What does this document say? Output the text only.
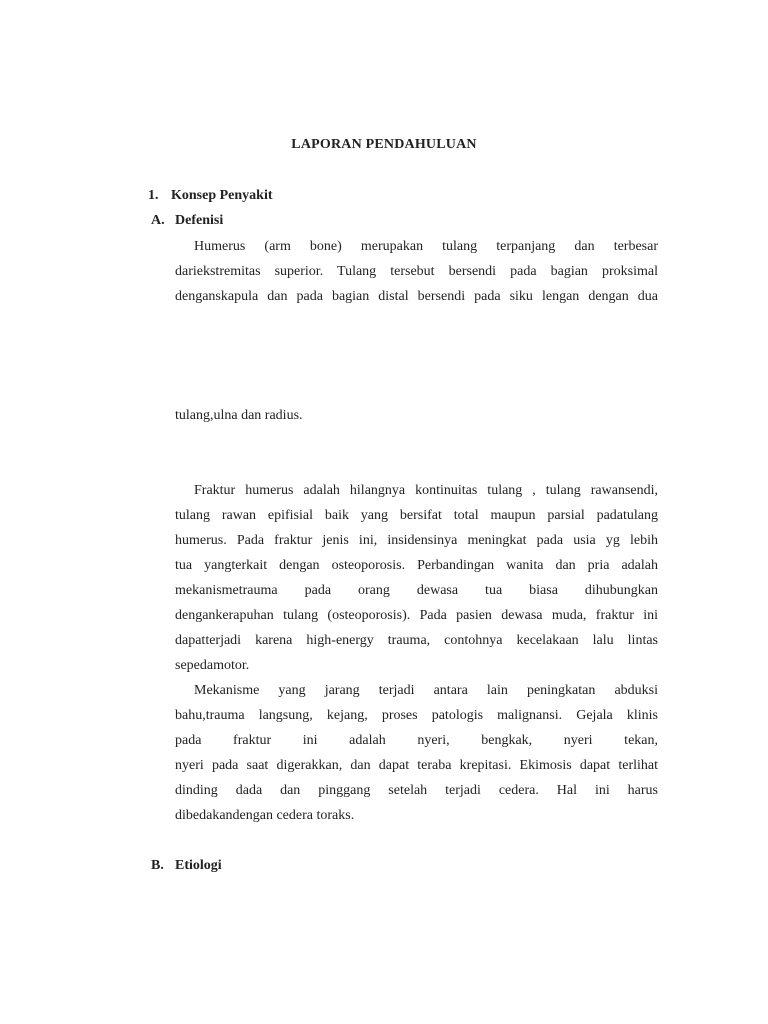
LAPORAN PENDAHULUAN
1. Konsep Penyakit
A. Defenisi
Humerus (arm bone) merupakan tulang terpanjang dan terbesar
dariekstremitas superior. Tulang tersebut bersendi pada bagian proksimal
denganskapula dan pada bagian distal bersendi pada siku lengan dengan dua
tulang,ulna dan radius.
Fraktur humerus adalah hilangnya kontinuitas tulang , tulang rawansendi,
tulang rawan epifisial baik yang bersifat total maupun parsial padatulang
humerus. Pada fraktur jenis ini, insidensinya meningkat pada usia yg lebih
tua yangterkait dengan osteoporosis. Perbandingan wanita dan pria adalah
mekanismetrauma pada orang dewasa tua biasa dihubungkan
dengankerapuhan tulang (osteoporosis). Pada pasien dewasa muda, fraktur ini
dapatterjadi karena high-energy trauma, contohnya kecelakaan lalu lintas
sepedamotor.
Mekanisme yang jarang terjadi antara lain peningkatan abduksi
bahu,trauma langsung, kejang, proses patologis malignansi. Gejala klinis
pada fraktur ini adalah nyeri, bengkak, nyeri tekan,
nyeri pada saat digerakkan, dan dapat teraba krepitasi. Ekimosis dapat terlihat
dinding dada dan pinggang setelah terjadi cedera. Hal ini harus
dibedakandengan cedera toraks.
B. Etiologi
